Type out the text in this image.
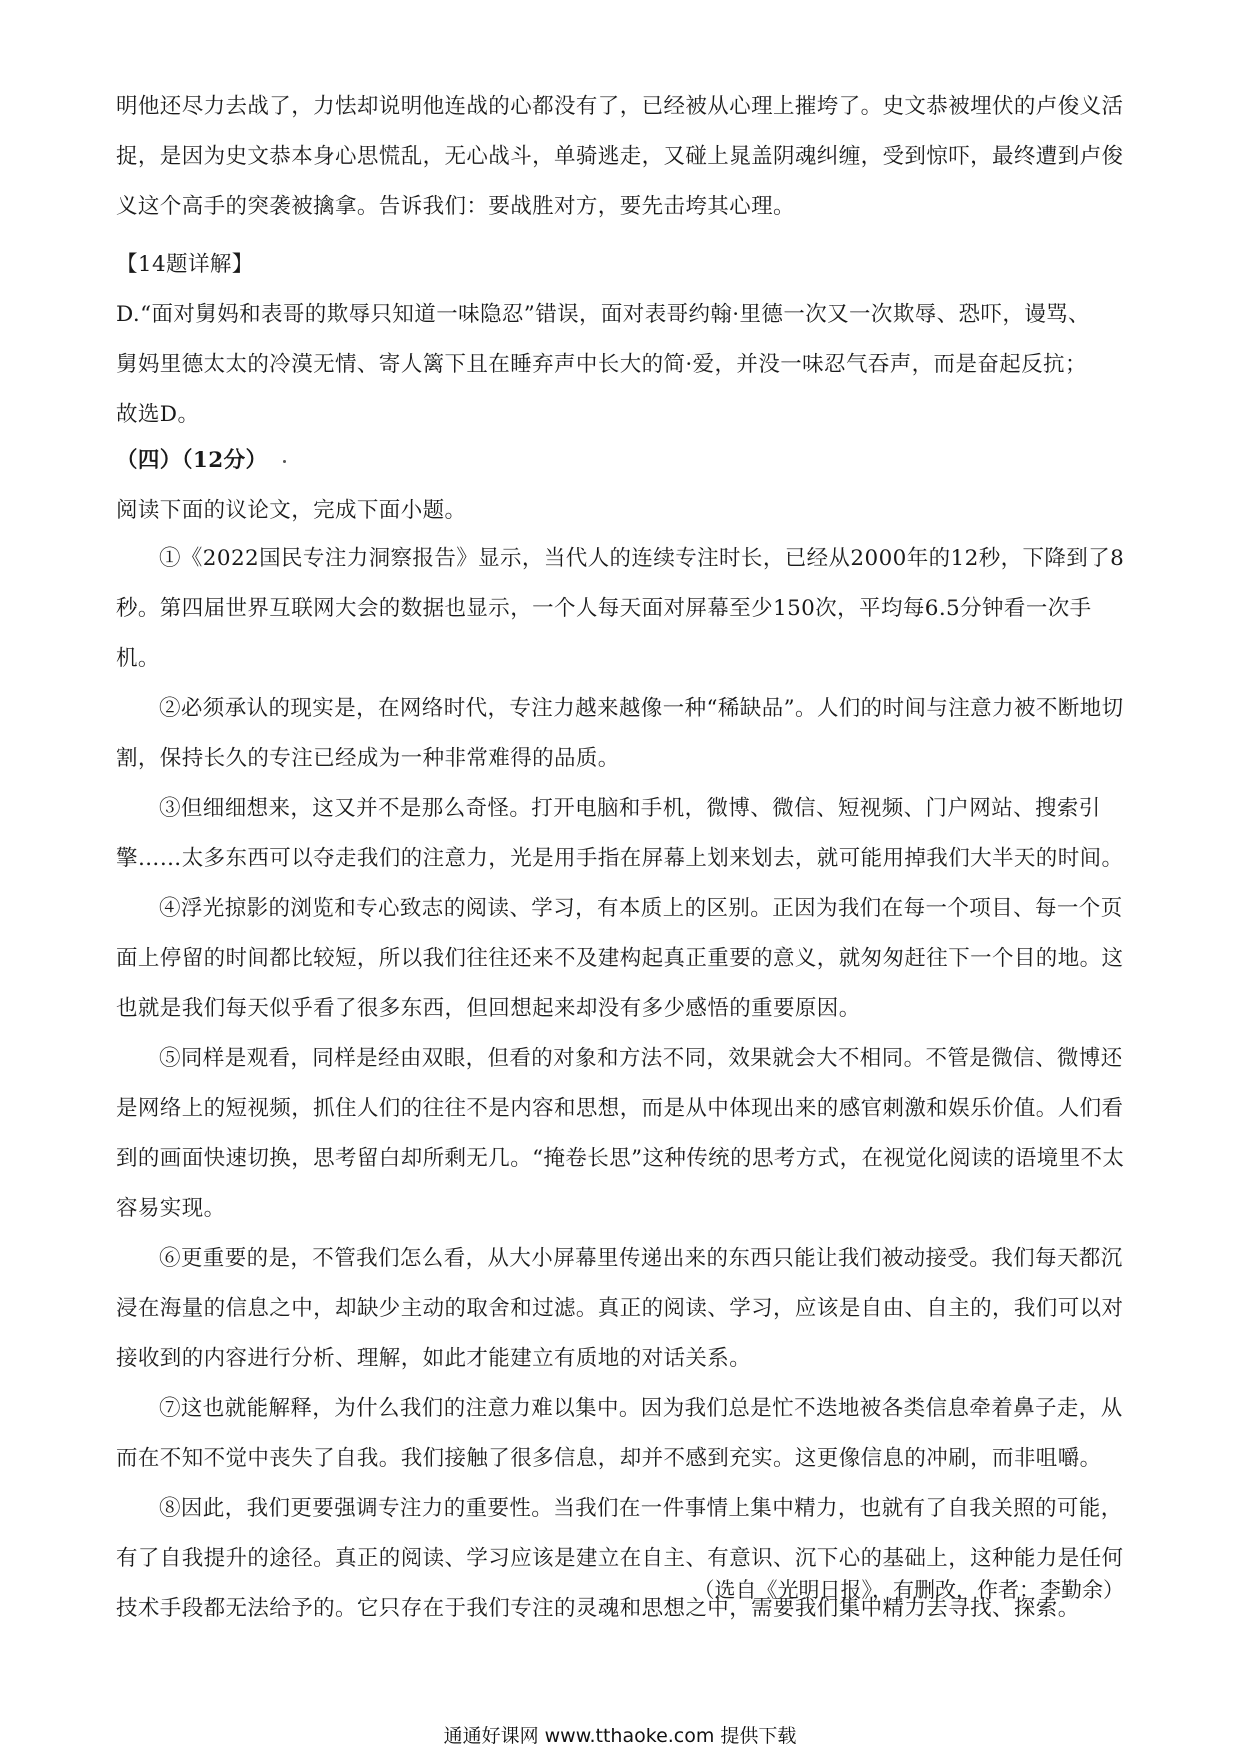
明他还尽力去战了，力怯却说明他连战的心都没有了，已经被从心理上摧垮了。史文恭被埋伏的卢俊义活

捉，是因为史文恭本身心思慌乱，无心战斗，单骑逃走，又碰上晁盖阴魂纠缠，受到惊吓，最终遭到卢俊

义这个高手的突袭被擒拿。告诉我们：要战胜对方，要先击垮其心理。

【14题详解】

D.“面对舅妈和表哥的欺辱只知道一味隐忍”错误，面对表哥约翰·里德一次又一次欺辱、恐吓，谩骂、

舅妈里德太太的冷漠无情、寄人篱下且在睡弃声中长大的简·爱，并没一味忍气吞声，而是奋起反抗；

故选D。

（四）（12分）

阅读下面的议论文，完成下面小题。

①《2022国民专注力洞察报告》显示，当代人的连续专注时长，已经从2000年的12秒，下降到了8秒。第四届世界互联网大会的数据也显示，一个人每天面对屏幕至少150次，平均每6.5分钟看一次手机。

②必须承认的现实是，在网络时代，专注力越来越像一种“稀缺品”。人们的时间与注意力被不断地切割，保持长久的专注已经成为一种非常难得的品质。

③但细细想来，这又并不是那么奇怪。打开电脑和手机，微博、微信、短视频、门户网站、搜索引擎……太多东西可以夺走我们的注意力，光是用手指在屏幕上划来划去，就可能用掉我们大半天的时间。

④浮光掠影的浏览和专心致志的阅读、学习，有本质上的区别。正因为我们在每一个项目、每一个页面上停留的时间都比较短，所以我们往往还来不及建构起真正重要的意义，就匆匆赶往下一个目的地。这也就是我们每天似乎看了很多东西，但回想起来却没有多少感悟的重要原因。

⑤同样是观看，同样是经由双眼，但看的对象和方法不同，效果就会大不相同。不管是微信、微博还是网络上的短视频，抓住人们的往往不是内容和思想，而是从中体现出来的感官刺激和娱乐价值。人们看到的画面快速切换，思考留白却所剩无几。“掩卷长思”这种传统的思考方式，在视觉化阅读的语境里不太容易实现。

⑥更重要的是，不管我们怎么看，从大小屏幕里传递出来的东西只能让我们被动接受。我们每天都沉浸在海量的信息之中，却缺少主动的取舍和过滤。真正的阅读、学习，应该是自由、自主的，我们可以对接收到的内容进行分析、理解，如此才能建立有质地的对话关系。

⑦这也就能解释，为什么我们的注意力难以集中。因为我们总是忙不迭地被各类信息牵着鼻子走，从而在不知不觉中丧失了自我。我们接触了很多信息，却并不感到充实。这更像信息的冲刷，而非咀嚼。

⑧因此，我们更要强调专注力的重要性。当我们在一件事情上集中精力，也就有了自我关照的可能，有了自我提升的途径。真正的阅读、学习应该是建立在自主、有意识、沉下心的基础上，这种能力是任何技术手段都无法给予的。它只存在于我们专注的灵魂和思想之中，需要我们集中精力去寻找、探索。

（选自《光明日报》，有删改，作者：李勤余）
通通好课网 www.tthaoke.com 提供下载
